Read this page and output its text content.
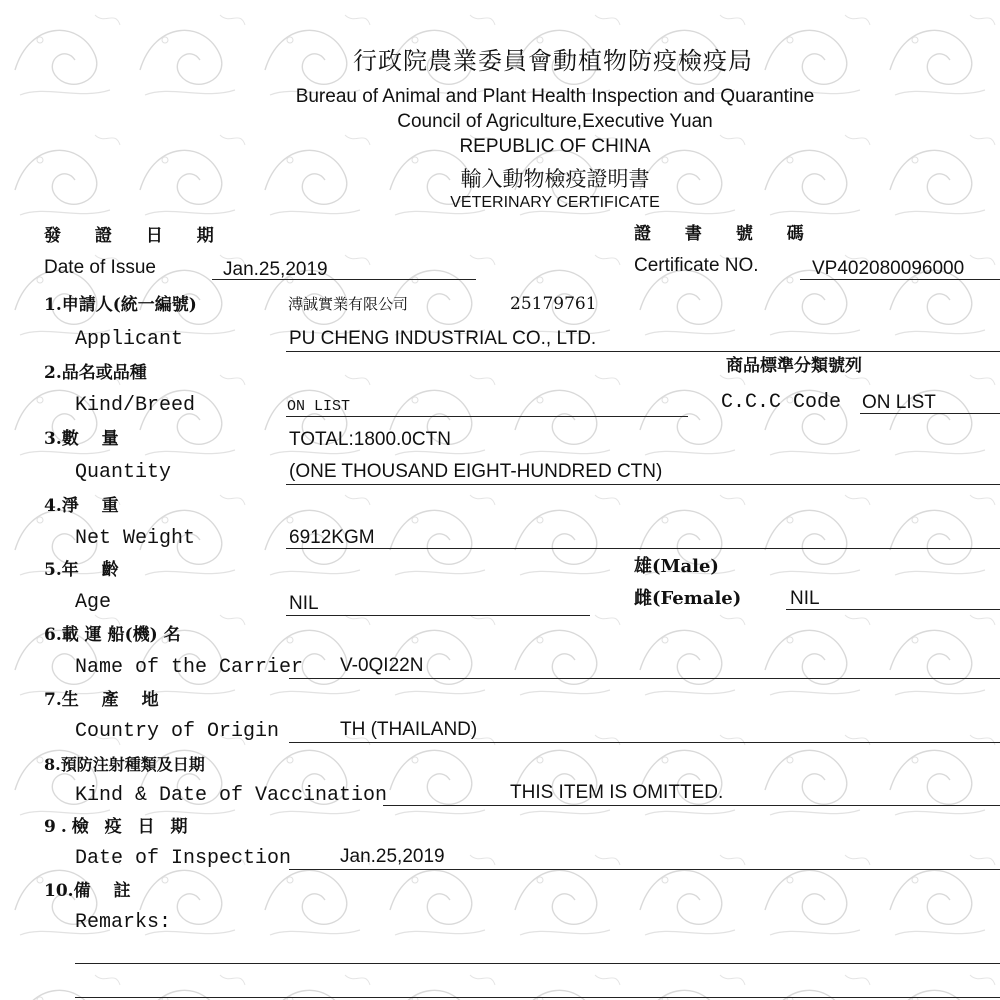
行政院農業委員會動植物防疫檢疫局
Bureau of Animal and Plant Health Inspection and Quarantine
Council of Agriculture,Executive Yuan
REPUBLIC OF CHINA
輸入動物檢疫證明書
VETERINARY CERTIFICATE
發 證 日 期
Date of Issue	Jan.25,2019
證 書 號 碼
Certificate NO.	VP402080096000
1.申請人(統一編號)	溥誠實業有限公司	25179761
Applicant	PU CHENG INDUSTRIAL CO., LTD.
2.品名或品種
Kind/Breed	ON LIST
商品標準分類號列
C.C.C Code ON LIST
3.數　 量	TOTAL:1800.0CTN
Quantity	(ONE THOUSAND EIGHT-HUNDRED CTN)
4.淨　 重
Net Weight	6912KGM
5.年　 齡
Age	NIL
雄(Male)
雌(Female)	NIL
6.載 運 船(機) 名
Name of the Carrier V-0QI22N
7.生　 產　 地
Country of Origin	TH (THAILAND)
8.預防注射種類及日期
Kind & Date of Vaccination	THIS ITEM IS OMITTED.
9.檢 疫 日 期
Date of Inspection	Jan.25,2019
10.備　 註
Remarks:
